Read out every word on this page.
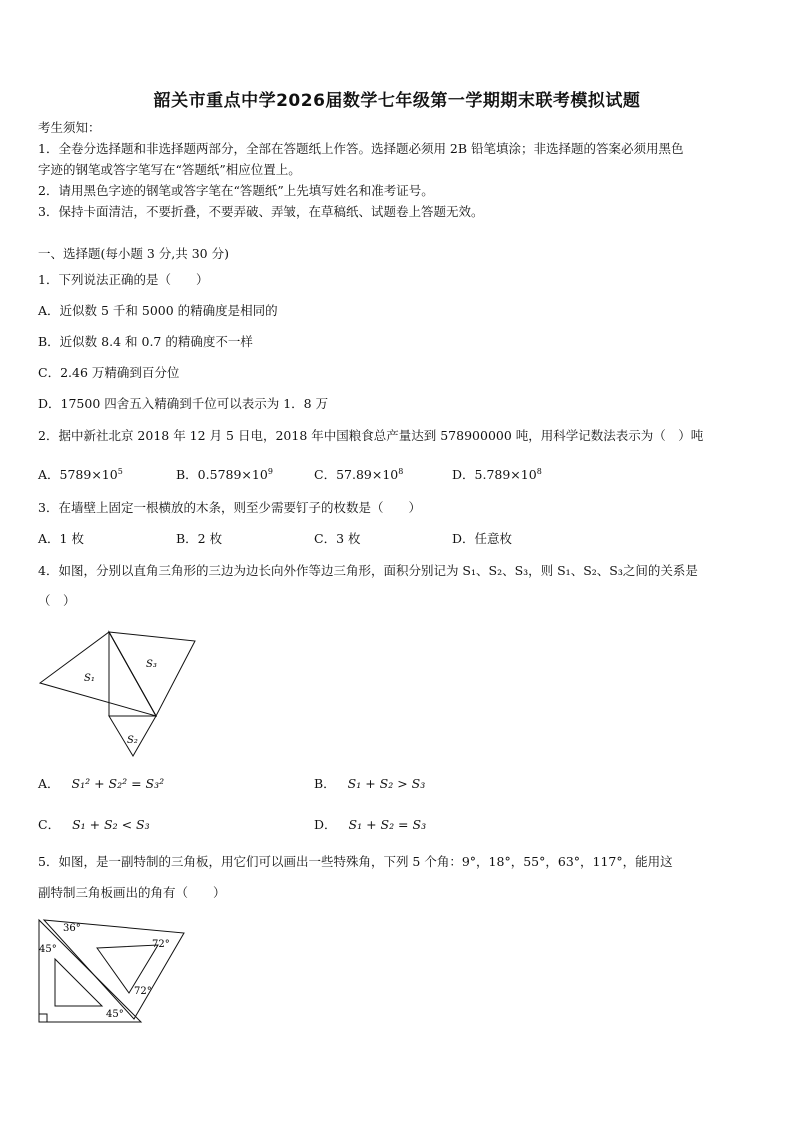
韶关市重点中学2026届数学七年级第一学期期末联考模拟试题
考生须知：
1．全卷分选择题和非选择题两部分，全部在答题纸上作答。选择题必须用 2B 铅笔填涂；非选择题的答案必须用黑色
字迹的钢笔或答字笔写在“答题纸”相应位置上。
2．请用黑色字迹的钢笔或答字笔在“答题纸”上先填写姓名和准考证号。
3．保持卡面清洁，不要折叠，不要弄破、弄皱，在草稿纸、试题卷上答题无效。
一、选择题(每小题 3 分,共 30 分)
1．下列说法正确的是（　　）
A．近似数 5 千和 5000 的精确度是相同的
B．近似数 8.4 和 0.7 的精确度不一样
C．2.46 万精确到百分位
D．17500 四舍五入精确到千位可以表示为 1．8 万
2．据中新社北京 2018 年 12 月 5 日电，2018 年中国粮食总产量达到 578900000 吨，用科学记数法表示为（　）吨
A．$5789\times 10^5$	B．$0.5789\times 10^9$	C．$57.89\times 10^8$	D．$5.789\times 10^8$
3．在墙壁上固定一根横放的木条，则至少需要钉子的枚数是（　　）
A．1 枚	B．2 枚	C．3 枚	D．任意枚
4．如图，分别以直角三角形的三边为边长向外作等边三角形，面积分别记为 S₁、S₂、S₃，则 S₁、S₂、S₃之间的关系是
（　）
S₁
S₂
S₃
A． S₁² + S₂² = S₃²	B． S₁ + S₂ > S₃
C． S₁ + S₂ < S₃	D． S₁ + S₂ = S₃
5．如图，是一副特制的三角板，用它们可以画出一些特殊角，下列 5 个角：9°，18°，55°，63°，117°，能用这
副特制三角板画出的角有（　　）
36°
45°	72°
72°
45°
